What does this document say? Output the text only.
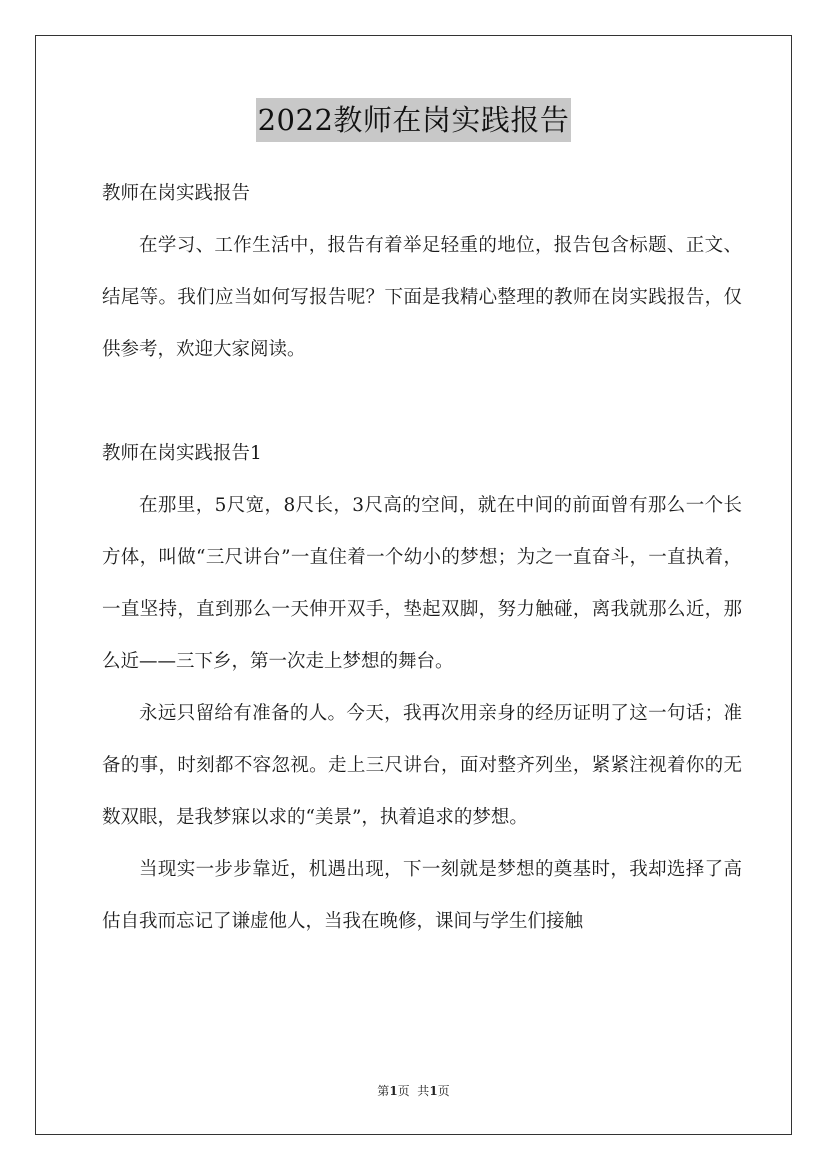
2022教师在岗实践报告

教师在岗实践报告

在学习、工作生活中，报告有着举足轻重的地位，报告包含标题、正文、结尾等。我们应当如何写报告呢？下面是我精心整理的教师在岗实践报告，仅供参考，欢迎大家阅读。

教师在岗实践报告1

在那里，5尺宽，8尺长，3尺高的空间，就在中间的前面曾有那么一个长方体，叫做“三尺讲台”一直住着一个幼小的梦想；为之一直奋斗，一直执着，一直坚持，直到那么一天伸开双手，垫起双脚，努力触碰，离我就那么近，那么近——三下乡，第一次走上梦想的舞台。

永远只留给有准备的人。今天，我再次用亲身的经历证明了这一句话；准备的事，时刻都不容忽视。走上三尺讲台，面对整齐列坐，紧紧注视着你的无数双眼，是我梦寐以求的“美景”，执着追求的梦想。

当现实一步步靠近，机遇出现，下一刻就是梦想的奠基时，我却选择了高估自我而忘记了谦虚他人，当我在晚修，课间与学生们接触

第1页  共1页
